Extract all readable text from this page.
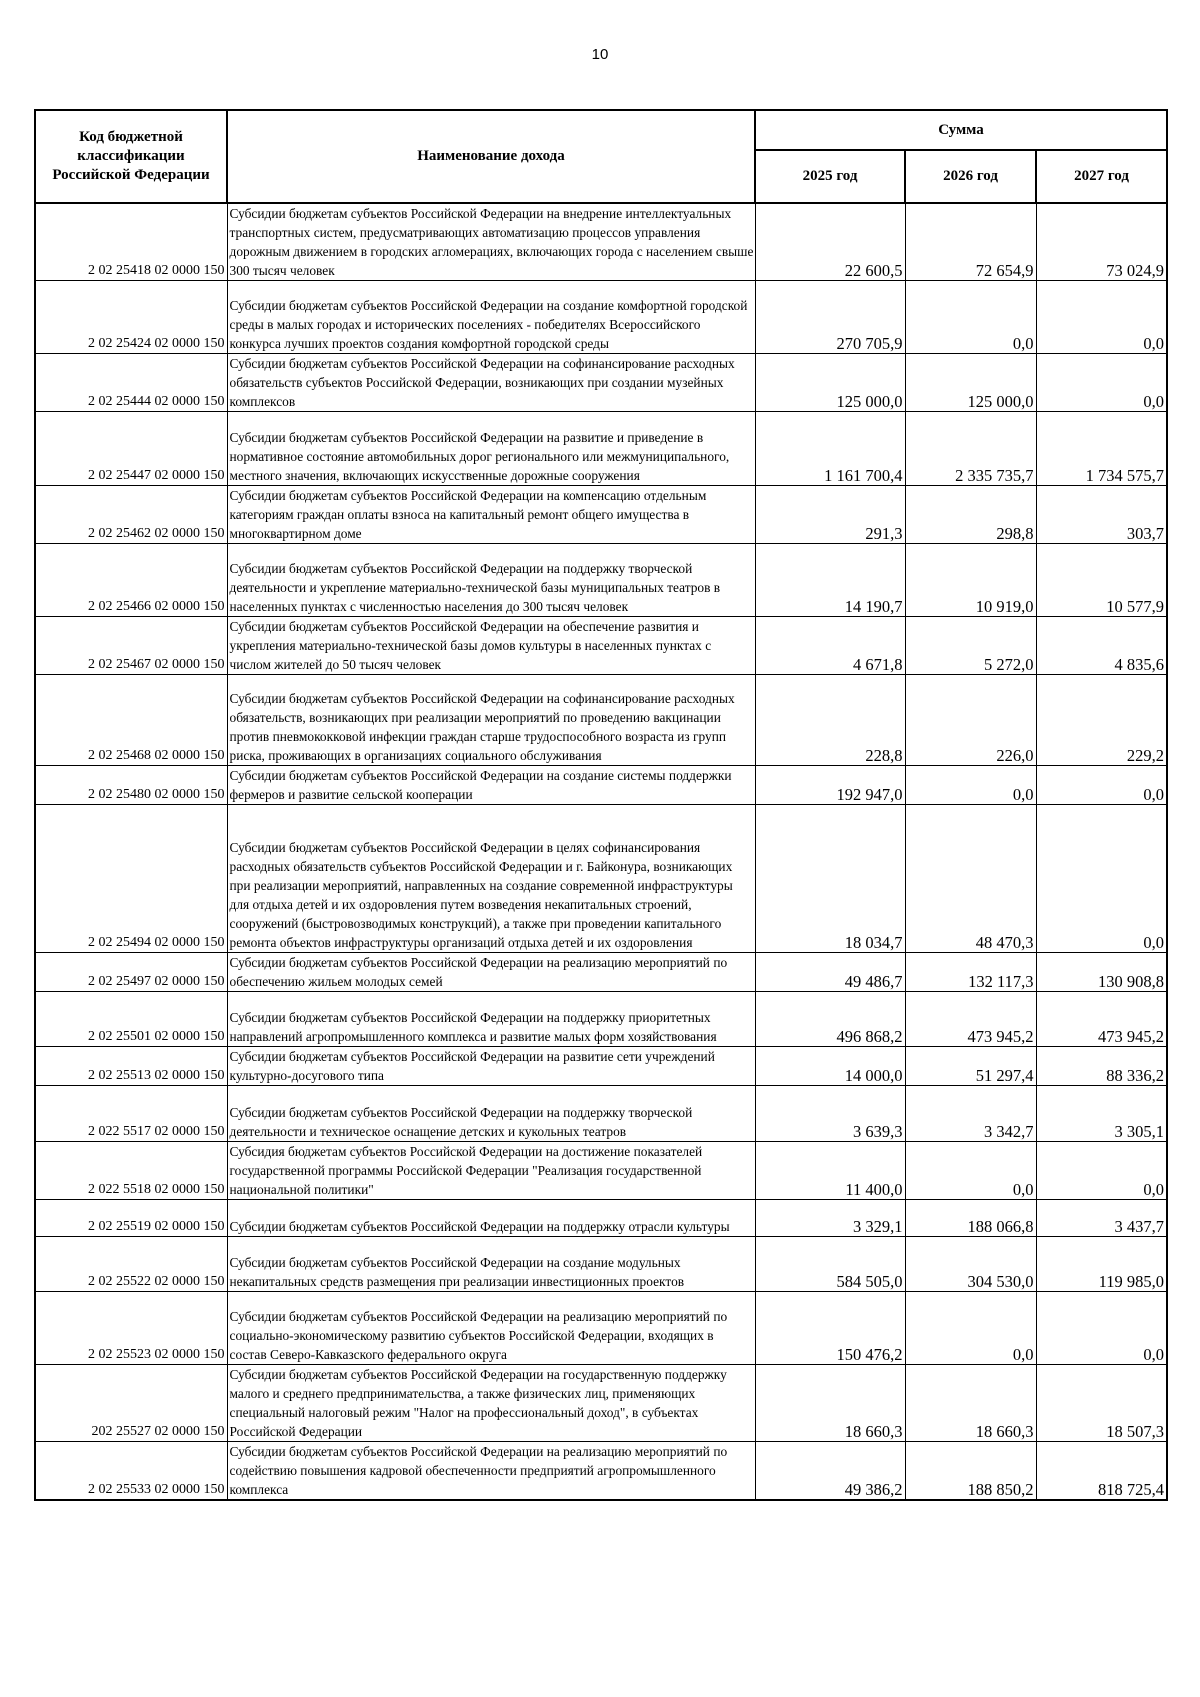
10
Код бюджетной классификации Российской Федерации	Наименование дохода	Сумма		
		2025 год	2026 год	2027 год
2 02 25418 02 0000 150	Субсидии бюджетам субъектов Российской Федерации на внедрение интеллектуальных транспортных систем, предусматривающих автоматизацию процессов управления дорожным движением в городских агломерациях, включающих города с населением свыше 300 тысяч человек	22 600,5	72 654,9	73 024,9
2 02 25424 02 0000 150	Субсидии бюджетам субъектов Российской Федерации на создание комфортной городской среды в малых городах и исторических поселениях - победителях Всероссийского конкурса лучших проектов создания комфортной городской среды	270 705,9	0,0	0,0
2 02 25444 02 0000 150	Субсидии бюджетам субъектов Российской Федерации на софинансирование расходных обязательств субъектов Российской Федерации, возникающих при создании музейных комплексов	125 000,0	125 000,0	0,0
2 02 25447 02 0000 150	Субсидии бюджетам субъектов Российской Федерации на развитие и приведение в нормативное состояние автомобильных дорог регионального или межмуниципального, местного значения, включающих искусственные дорожные сооружения	1 161 700,4	2 335 735,7	1 734 575,7
2 02 25462 02 0000 150	Субсидии бюджетам субъектов Российской Федерации на компенсацию отдельным категориям граждан оплаты взноса на капитальный ремонт общего имущества в многоквартирном доме	291,3	298,8	303,7
2 02 25466 02 0000 150	Субсидии бюджетам субъектов Российской Федерации на поддержку творческой деятельности и укрепление материально-технической базы муниципальных театров в населенных пунктах с численностью населения до 300 тысяч человек	14 190,7	10 919,0	10 577,9
2 02 25467 02 0000 150	Субсидии бюджетам субъектов Российской Федерации на обеспечение развития и укрепления материально-технической базы домов культуры в населенных пунктах с числом жителей до 50 тысяч человек	4 671,8	5 272,0	4 835,6
2 02 25468 02 0000 150	Субсидии бюджетам субъектов Российской Федерации на софинансирование расходных обязательств, возникающих при реализации мероприятий по проведению вакцинации против пневмококковой инфекции граждан старше трудоспособного возраста из групп риска, проживающих в организациях социального обслуживания	228,8	226,0	229,2
2 02 25480 02 0000 150	Субсидии бюджетам субъектов Российской Федерации на создание системы поддержки фермеров и развитие сельской кооперации	192 947,0	0,0	0,0
2 02 25494 02 0000 150	Субсидии бюджетам субъектов Российской Федерации в целях софинансирования расходных обязательств субъектов Российской Федерации и г. Байконура, возникающих при реализации мероприятий, направленных на создание современной инфраструктуры для отдыха детей и их оздоровления путем возведения некапитальных строений, сооружений (быстровозводимых конструкций), а также при проведении капитального ремонта объектов инфраструктуры организаций отдыха детей и их оздоровления	18 034,7	48 470,3	0,0
2 02 25497 02 0000 150	Субсидии бюджетам субъектов Российской Федерации на реализацию мероприятий по обеспечению жильем молодых семей	49 486,7	132 117,3	130 908,8
2 02 25501 02 0000 150	Субсидии бюджетам субъектов Российской Федерации на поддержку приоритетных направлений агропромышленного комплекса и развитие малых форм хозяйствования	496 868,2	473 945,2	473 945,2
2 02 25513 02 0000 150	Субсидии бюджетам субъектов Российской Федерации на развитие сети учреждений культурно-досугового типа	14 000,0	51 297,4	88 336,2
2 022 5517 02 0000 150	Субсидии бюджетам субъектов Российской Федерации на поддержку творческой деятельности и техническое оснащение детских и кукольных театров	3 639,3	3 342,7	3 305,1
2 022 5518 02 0000 150	Субсидия бюджетам субъектов Российской Федерации на достижение показателей государственной программы Российской Федерации "Реализация государственной национальной политики"	11 400,0	0,0	0,0
2 02 25519 02 0000 150	Субсидии бюджетам субъектов Российской Федерации на поддержку отрасли культуры	3 329,1	188 066,8	3 437,7
2 02 25522 02 0000 150	Субсидии бюджетам субъектов Российской Федерации на создание модульных некапитальных средств размещения при реализации инвестиционных проектов	584 505,0	304 530,0	119 985,0
2 02 25523 02 0000 150	Субсидии бюджетам субъектов Российской Федерации на реализацию мероприятий по социально-экономическому развитию субъектов Российской Федерации, входящих в состав Северо-Кавказского федерального округа	150 476,2	0,0	0,0
202 25527 02 0000 150	Субсидии бюджетам субъектов Российской Федерации на государственную поддержку малого и среднего предпринимательства, а также физических лиц, применяющих специальный налоговый режим "Налог на профессиональный доход", в субъектах Российской Федерации	18 660,3	18 660,3	18 507,3
2 02 25533 02 0000 150	Субсидии бюджетам субъектов Российской Федерации на реализацию мероприятий по содействию повышения кадровой обеспеченности предприятий агропромышленного комплекса	49 386,2	188 850,2	818 725,4
